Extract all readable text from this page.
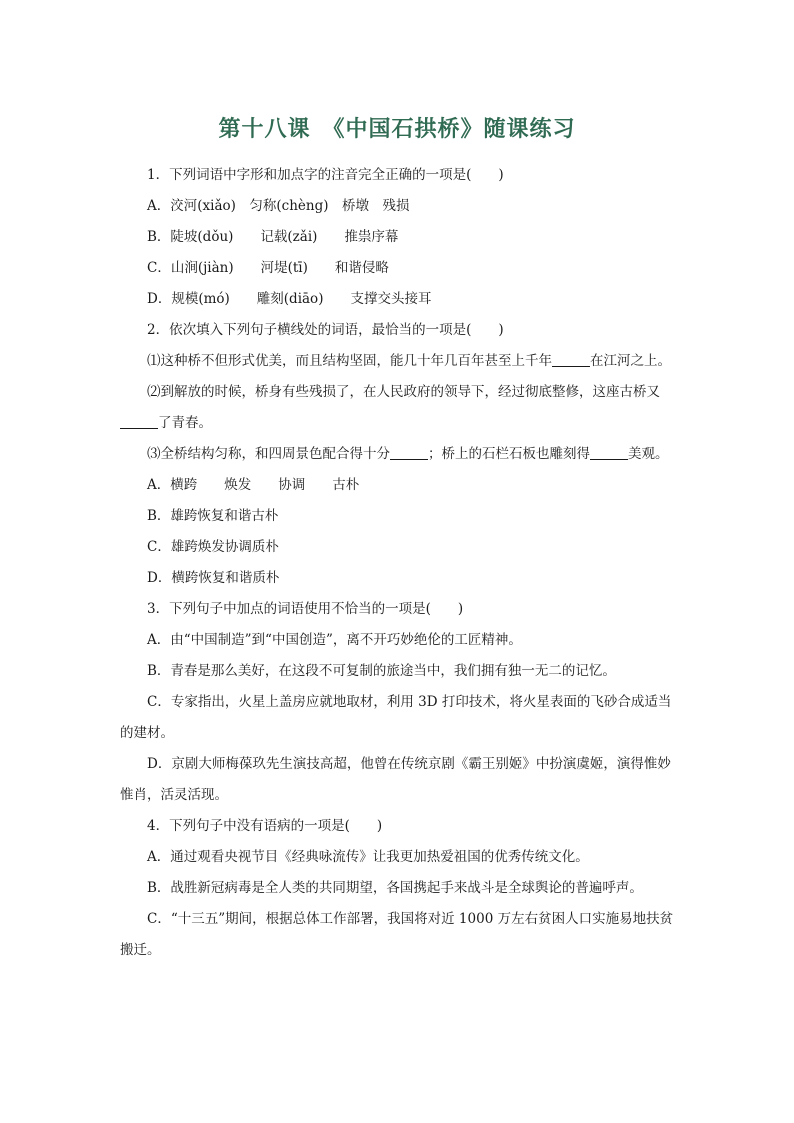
第十八课　《中国石拱桥》随课练习
1．下列词语中字形和加点字的注音完全正确的一项是(　　)
A．洨河(xiǎo)　匀称(chèng)　桥墩　残损
B．陡坡(dǒu)　　记载(zǎi)　　推祟序幕
C．山涧(jiàn)　　河堤(tī)　　和谐侵略
D．规模(mó)　　雕刻(diāo)　　支撑交头接耳
2．依次填入下列句子横线处的词语，最恰当的一项是(　　)
⑴这种桥不但形式优美，而且结构坚固，能几十年几百年甚至上千年	在江河之上。
⑵到解放的时候，桥身有些残损了，在人民政府的领导下，经过彻底整修，这座古桥又了青春。
⑶全桥结构匀称，和四周景色配合得十分	；桥上的石栏石板也雕刻得	美观。
A．横跨　　焕发　　协调　　古朴
B．雄跨恢复和谐古朴
C．雄跨焕发协调质朴
D．横跨恢复和谐质朴
3．下列句子中加点的词语使用不恰当的一项是(　　)
A．由“中国制造”到“中国创造”，离不开巧妙绝伦的工匠精神。
B．青春是那么美好，在这段不可复制的旅途当中，我们拥有独一无二的记忆。
C．专家指出，火星上盖房应就地取材，利用 3D 打印技术，将火星表面的飞砂合成适当的建材。
D．京剧大师梅葆玖先生演技高超，他曾在传统京剧《霸王别姬》中扮演虞姬，演得惟妙惟肖，活灵活现。
4．下列句子中没有语病的一项是(　　)
A．通过观看央视节目《经典咏流传》让我更加热爱祖国的优秀传统文化。
B．战胜新冠病毒是全人类的共同期望，各国携起手来战斗是全球舆论的普遍呼声。
C．“十三五”期间，根据总体工作部署，我国将对近 1000 万左右贫困人口实施易地扶贫搬迁。
